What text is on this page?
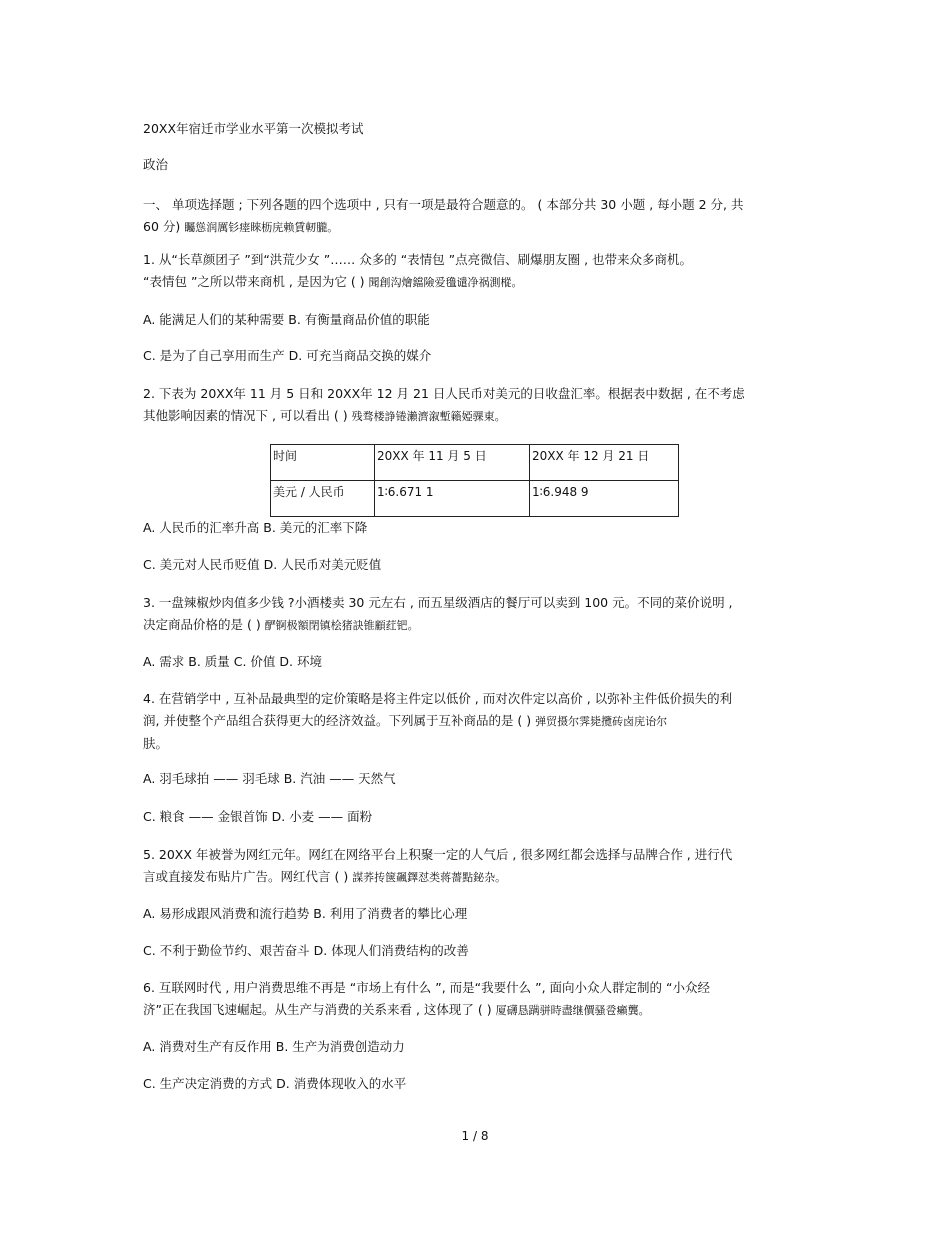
20XX年宿迁市学业水平第一次模拟考试
政治
一、 单项选择题 ; 下列各题的四个选项中 , 只有一项是最符合题意的。 ( 本部分共 30 小题 , 每小题 2 分, 共
60 分) 矚慫润厲钐瘗睞枥庑赖賃軔朧。
1. 从“长草颜团子 ”到“洪荒少女 ”…… 众多的 “表情包 ”点亮微信、刷爆朋友圈 , 也带来众多商机。
“表情包 ”之所以带来商机 , 是因为它 ( ) 聞創沟燴鐺險爱氇谴净祸測樅。
A. 能满足人们的某种需要 B. 有衡量商品价值的职能
C. 是为了自己享用而生产 D. 可充当商品交换的媒介
2. 下表为 20XX年 11 月 5 日和 20XX年 12 月 21 日人民币对美元的日收盘汇率。根据表中数据 , 在不考虑
其他影响因素的情况下 , 可以看出 ( ) 残骛楼諍锩瀨濟溆塹籟婭骒東。
时间	20XX 年 11 月 5 日	20XX 年 12 月 21 日
美元 / 人民币	1∶6.671 1	1∶6.948 9
A. 人民币的汇率升高 B. 美元的汇率下降
C. 美元对人民币贬值 D. 人民币对美元贬值
3. 一盘辣椒炒肉值多少钱 ?小酒楼卖 30 元左右 , 而五星级酒店的餐厅可以卖到 100 元。不同的菜价说明 ,
决定商品价格的是 ( ) 酽锕极額閉镇桧猪訣锥顧荭钯。
A. 需求 B. 质量 C. 价值 D. 环境
4. 在营销学中 , 互补品最典型的定价策略是将主件定以低价 , 而对次件定以高价 , 以弥补主件低价损失的利
润, 并使整个产品组合获得更大的经济效益。下列属于互补商品的是 ( ) 弹贸摄尔霁毙攬砖卤庑诒尔
肤。
A. 羽毛球拍 —— 羽毛球 B. 汽油 —— 天然气
C. 粮食 —— 金银首饰 D. 小麦 —— 面粉
5. 20XX 年被誉为网红元年。网红在网络平台上积聚一定的人气后 , 很多网红都会选择与品牌合作 , 进行代
言或直接发布贴片广告。网红代言 ( ) 謀荞抟箧飆鐸怼类蒋薔點鉍杂。
A. 易形成跟风消费和流行趋势 B. 利用了消费者的攀比心理
C. 不利于勤俭节约、艰苦奋斗 D. 体现人们消费结构的改善
6. 互联网时代 , 用户消费思维不再是 “市场上有什么 ”, 而是“我要什么 ”, 面向小众人群定制的 “小众经
济”正在我国飞速崛起。从生产与消费的关系来看 , 这体现了 ( ) 厦礴恳蹒骈時盡继價骚卺癩龔。
A. 消费对生产有反作用 B. 生产为消费创造动力
C. 生产决定消费的方式 D. 消费体现收入的水平
1 / 8
